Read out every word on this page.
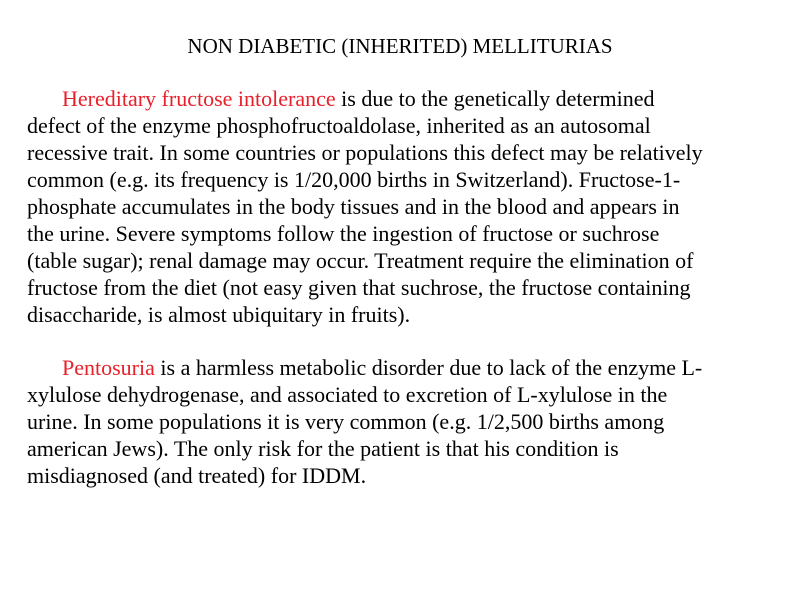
NON DIABETIC (INHERITED) MELLITURIAS
Hereditary fructose intolerance is due to the genetically determined
defect of the enzyme phosphofructoaldolase, inherited as an autosomal
recessive trait. In some countries or populations this defect may be relatively
common (e.g. its frequency is 1/20,000 births in Switzerland). Fructose-1-
phosphate accumulates in the body tissues and in the blood and appears in
the urine. Severe symptoms follow the ingestion of fructose or suchrose
(table sugar); renal damage may occur. Treatment require the elimination of
fructose from the diet (not easy given that suchrose, the fructose containing
disaccharide, is almost ubiquitary in fruits).
Pentosuria is a harmless metabolic disorder due to lack of the enzyme L-
xylulose dehydrogenase, and associated to excretion of L-xylulose in the
urine. In some populations it is very common (e.g. 1/2,500 births among
american Jews). The only risk for the patient is that his condition is
misdiagnosed (and treated) for IDDM.
